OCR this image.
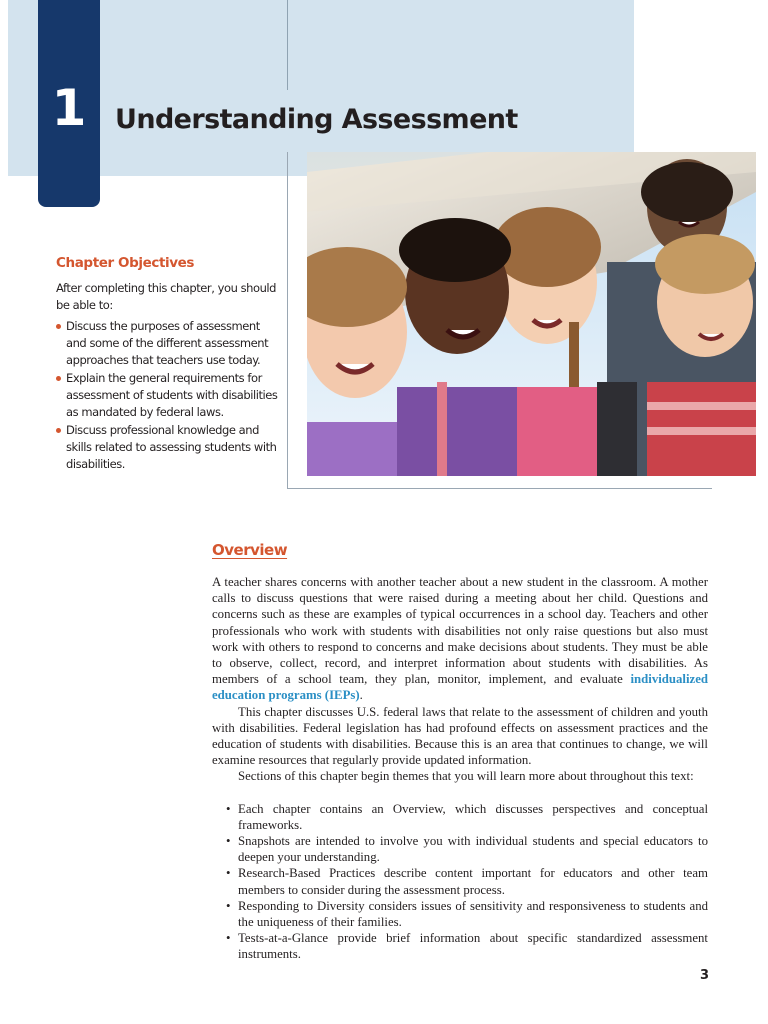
1	Understanding Assessment
Chapter Objectives

After completing this chapter, you should be able to:

Discuss the purposes of assessment and some of the different assessment approaches that teachers use today.
Explain the general requirements for assessment of students with disabilities as mandated by federal laws.
Discuss professional knowledge and skills related to assessing students with disabilities.
Overview

A teacher shares concerns with another teacher about a new student in the classroom. A mother calls to discuss questions that were raised during a meeting about her child. Questions and concerns such as these are examples of typical occurrences in a school day. Teachers and other professionals who work with students with disabilities not only raise questions but also must work with others to respond to concerns and make decisions about students. They must be able to observe, collect, record, and interpret information about students with disabilities. As members of a school team, they plan, monitor, implement, and evaluate individualized education programs (IEPs).

This chapter discusses U.S. federal laws that relate to the assessment of children and youth with disabilities. Federal legislation has had profound effects on assessment practices and the education of students with disabilities. Because this is an area that continues to change, we will examine resources that regularly provide updated information.

Sections of this chapter begin themes that you will learn more about throughout this text:

• Each chapter contains an Overview, which discusses perspectives and conceptual frameworks.
• Snapshots are intended to involve you with individual students and special educators to deepen your understanding.
• Research-Based Practices describe content important for educators and other team members to consider during the assessment process.
• Responding to Diversity considers issues of sensitivity and responsiveness to students and the uniqueness of their families.
• Tests-at-a-Glance provide brief information about specific standardized assessment instruments.
3
